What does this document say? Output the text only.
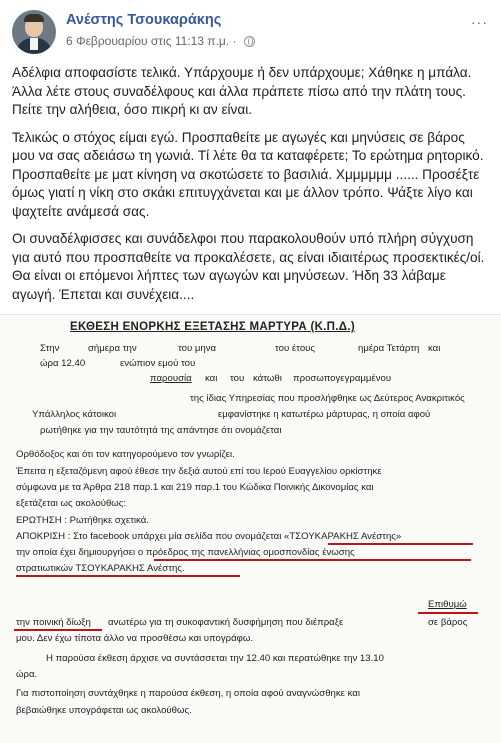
Ανέστης Τσουκαράκης
6 Φεβρουαρίου στις 11:13 π.μ. ·
···

Αδέλφια αποφασίστε τελικά. Υπάρχουμε ή δεν υπάρχουμε; Χάθηκε η μπάλα. Άλλα λέτε στους συναδέλφους και άλλα πράπετε πίσω από την πλάτη τους. Πείτε την αλήθεια, όσο πικρή κι αν είναι.

Τελικώς ο στόχος είμαι εγώ. Προσπαθείτε με αγωγές και μηνύσεις σε βάρος μου να σας αδειάσω τη γωνιά. Τί λέτε θα τα καταφέρετε; Το ερώτημα ρητορικό. Προσπαθείτε με ματ κίνηση να σκοτώσετε το βασιλιά. Χμμμμμμ ...... Προσέξτε όμως γιατί η νίκη στο σκάκι επιτυγχάνεται και με άλλον τρόπο. Ψάξτε λίγο και ψαχτείτε ανάμεσά σας.

Οι συναδέλφισσες και συνάδελφοι που παρακολουθούν υπό πλήρη σύγχυση για αυτό που προσπαθείτε να προκαλέσετε, ας είναι ιδιαιτέρως προσεκτικές/οί. Θα είναι οι επόμενοι λήπτες των αγωγών και μηνύσεων. Ήδη 33 λάβαμε αγωγή. Έπεται και συνέχεια....

ΕΚΘΕΣΗ ΕΝΟΡΚΗΣ ΕΞΕΤΑΣΗΣ ΜΑΡΤΥΡΑ (Κ.Π.Δ.)
Στην	σήμερα την	του μηνα	του έτους	ημέρα Τετάρτη και
ώρα 12.40	ενώπιον εμού του
παρουσία και του κάτωθι προσωπογεγραμμένου
της ίδιας Υπηρεσίας που προσλήφθηκε ως Δεύτερος Ανακριτικός
Υπάλληλος κάτοικοι	εμφανίστηκε η κατωτέρω μάρτυρας, η οποία αφού
ρωτήθηκε για την ταυτότητά της απάντησε ότι ονομάζεται
Ορθόδοξος και ότι τον κατηγορούμενο τον γνωρίζει.
Έπειτα η εξεταζόμενη αφού έθεσε την δεξιά αυτού επί του Ιερού Ευαγγελίου ορκίστηκε
σύμφωνα με τα Άρθρα 218 παρ.1 και 219 παρ.1 του Κώδικα Ποινικής Δικονομίας και
εξετάζεται ως ακολούθως:
ΕΡΩΤΗΣΗ : Ρωτήθηκε σχετικά.
ΑΠΟΚΡΙΣΗ : Στο facebook υπάρχει μία σελίδα που ονομάζεται «ΤΣΟΥΚΑΡΑΚΗΣ Ανέστης»
την οποία έχει δημιουργήσει ο πρόεδρος της πανελλήνιας ομοσπονδίας ένωσης
στρατιωτικών ΤΣΟΥΚΑΡΑΚΗΣ Ανέστης.
Επιθυμώ
την ποινική δίωξη ανωτέρω για τη συκοφαντική δυσφήμηση που διέπραξε	σε βάρος
μου. Δεν έχω τίποτα άλλο να προσθέσω και υπογράφω.
Η παρούσα έκθεση άρχισε να συντάσσεται την 12.40 και περατώθηκε την 13.10
ώρα.
Για πιστοποίηση συντάχθηκε η παρούσα έκθεση, η οποία αφού αναγνώσθηκε και
βεβαιώθηκε υπογράφεται ως ακολούθως.
